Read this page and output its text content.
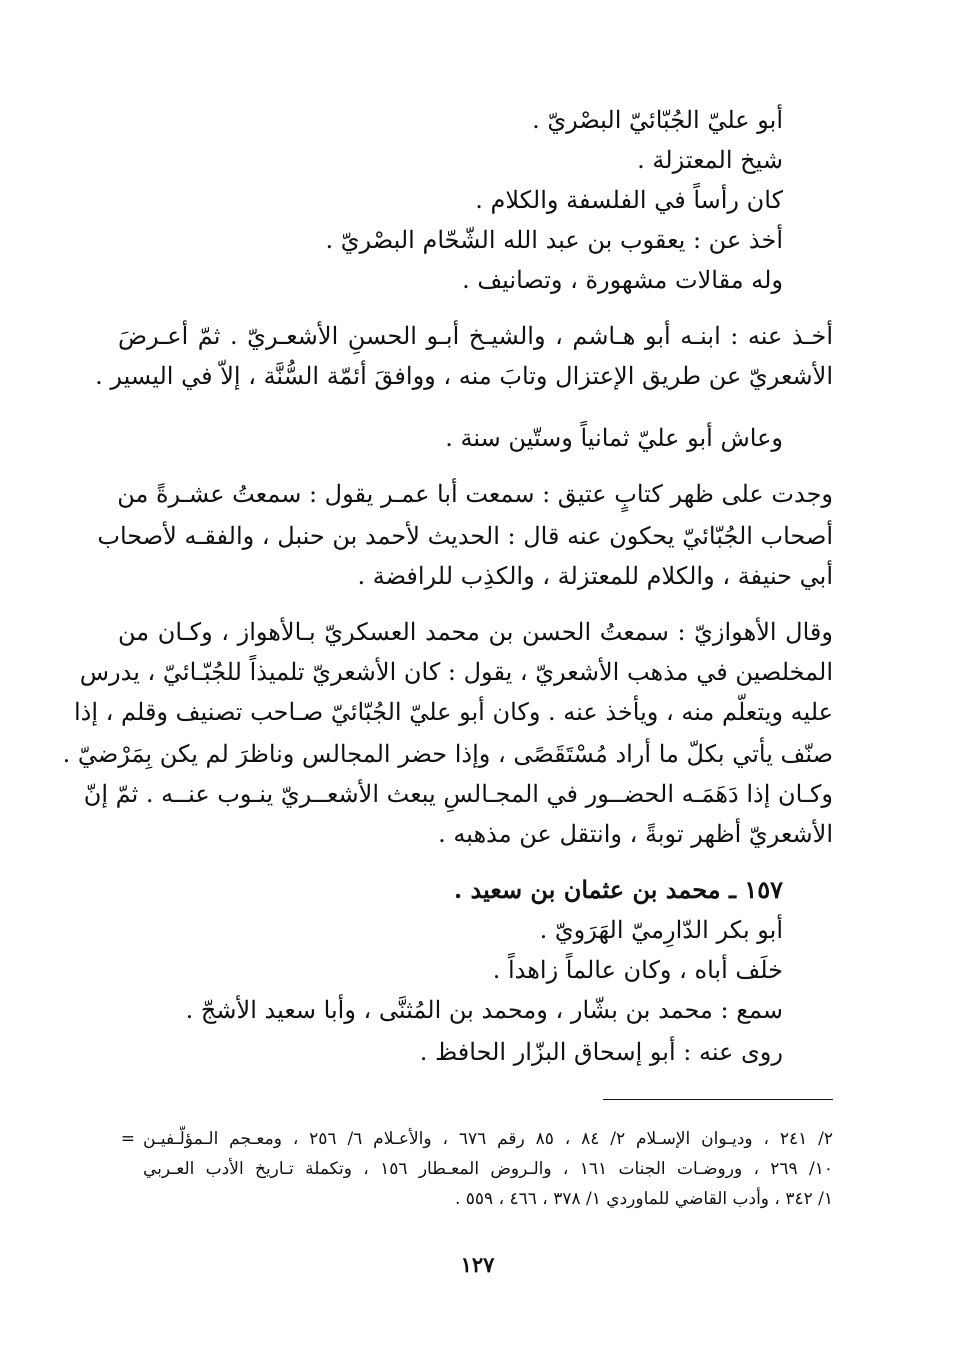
أبو عليّ الجُبّائيّ البصْريّ .
شيخ المعتزلة .
كان رأساً في الفلسفة والكلام .
أخذ عن : يعقوب بن عبد الله الشّحّام البصْريّ .
وله مقالات مشهورة ، وتصانيف .
أخـذ عنه : ابنـه أبو هـاشم ، والشيـخ أبـو الحسنِ الأشعـريّ . ثمّ أعـرضَ
الأشعريّ عن طريق الإعتزال وتابَ منه ، ووافقَ أئمّة السُّنَّة ، إلاّ في اليسير .
وعاش أبو عليّ ثمانياً وستّين سنة .
وجدت على ظهر كتابٍ عتيق : سمعت أبا عمـر يقول : سمعتُ عشـرةً من
أصحاب الجُبّائيّ يحكون عنه قال : الحديث لأحمد بن حنبل ، والفقـه لأصحاب
أبي حنيفة ، والكلام للمعتزلة ، والكذِب للرافضة .
وقال الأهوازيّ : سمعتُ الحسن بن محمد العسكريّ بـالأهواز ، وكـان من
المخلصين في مذهب الأشعريّ ، يقول : كان الأشعريّ تلميذاً للجُبّـائيّ ، يدرس
عليه ويتعلّم منه ، ويأخذ عنه . وكان أبو عليّ الجُبّائيّ صـاحب تصنيف وقلم ، إذا
صنّف يأتي بكلّ ما أراد مُسْتَقَصًى ، وإذا حضر المجالس وناظرَ لم يكن بِمَرْضيّ .
وكـان إذا دَهَمَـه الحضــور في المجـالسِ يبعث الأشعــريّ ينـوب عنــه . ثمّ إنّ
الأشعريّ أظهر توبةً ، وانتقل عن مذهبه .
١٥٧ ـ محمد بن عثمان بن سعيد .
أبو بكر الدّارِميّ الهَرَويّ .
خلَف أباه ، وكان عالماً زاهداً .
سمع : محمد بن بشّار ، ومحمد بن المُثنَّى ، وأبا سعيد الأشجّ .
روى عنه : أبو إسحاق البزّار الحافظ .
= ٢/ ٢٤١ ، وديـوان الإسـلام ٢/ ٨٤ ، ٨٥ رقم ٦٧٦ ، والأعـلام ٦/ ٢٥٦ ، ومعـجم الـمؤلّـفيـن
١٠/ ٢٦٩ ، وروضـات الجنات ١٦١ ، والـروض المعـطار ١٥٦ ، وتكملة تـاريخ الأدب العـربي
١/ ٣٤٢ ، وأدب القاضي للماوردي ١/ ٣٧٨ ، ٤٦٦ ، ٥٥٩ .
١٢٧
